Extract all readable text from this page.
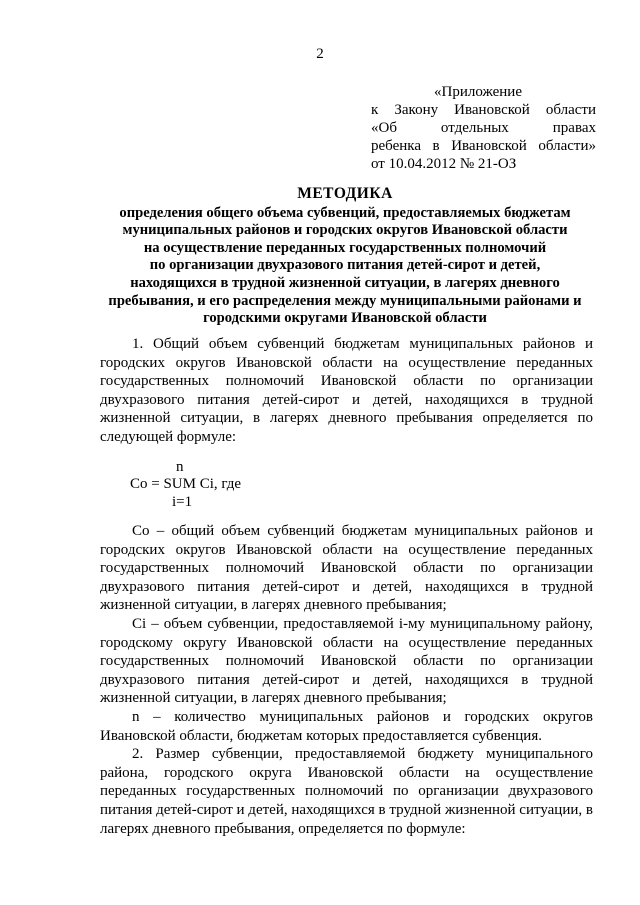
2
«Приложение
к Закону Ивановской области
«Об отдельных правах
ребенка в Ивановской области»
от 10.04.2012 № 21-ОЗ
МЕТОДИКА
определения общего объема субвенций, предоставляемых бюджетам
муниципальных районов и городских округов Ивановской области
на осуществление переданных государственных полномочий
по организации двухразового питания детей-сирот и детей,
находящихся в трудной жизненной ситуации, в лагерях дневного
пребывания, и его распределения между муниципальными районами и
городскими округами Ивановской области

1. Общий объем субвенций бюджетам муниципальных районов и городских округов Ивановской области на осуществление переданных государственных полномочий Ивановской области по организации двухразового питания детей-сирот и детей, находящихся в трудной жизненной ситуации, в лагерях дневного пребывания определяется по следующей формуле:

n
Со = SUM Ci, где
i=1

Со – общий объем субвенций бюджетам муниципальных районов и городских округов Ивановской области на осуществление переданных государственных полномочий Ивановской области по организации двухразового питания детей-сирот и детей, находящихся в трудной жизненной ситуации, в лагерях дневного пребывания;

Ci – объем субвенции, предоставляемой i-му муниципальному району, городскому округу Ивановской области на осуществление переданных государственных полномочий Ивановской области по организации двухразового питания детей-сирот и детей, находящихся в трудной жизненной ситуации, в лагерях дневного пребывания;

n – количество муниципальных районов и городских округов Ивановской области, бюджетам которых предоставляется субвенция.

2. Размер субвенции, предоставляемой бюджету муниципального района, городского округа Ивановской области на осуществление переданных государственных полномочий по организации двухразового питания детей-сирот и детей, находящихся в трудной жизненной ситуации, в лагерях дневного пребывания, определяется по формуле:
